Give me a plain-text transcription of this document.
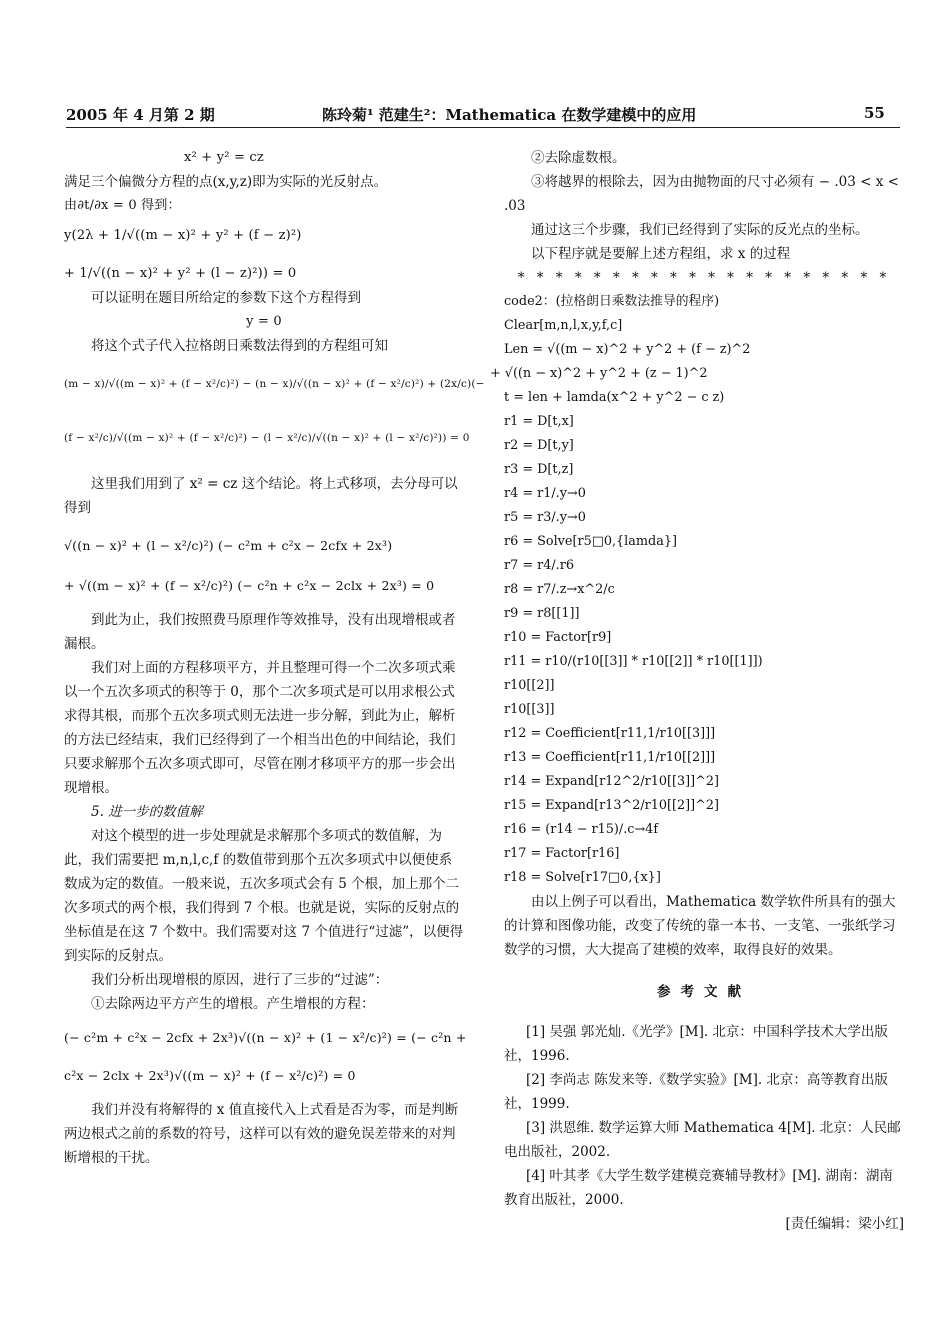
2005 年 4 月第 2 期	陈玲菊¹ 范建生²：Mathematica 在数学建模中的应用	55

x² + y² = cz

满足三个偏微分方程的点(x,y,z)即为实际的光反射点。

由∂t/∂x = 0 得到：

y(2λ + 1/√((m − x)² + y² + (f − z)²)

+ 1/√((n − x)² + y² + (l − z)²)) = 0

可以证明在题目所给定的参数下这个方程得到

y = 0

将这个式子代入拉格朗日乘数法得到的方程组可知

(m − x)/√((m − x)² + (f − x²/c)²) − (n − x)/√((n − x)² + (f − x²/c)²) + (2x/c)(−

(f − x²/c)/√((m − x)² + (f − x²/c)²) − (l − x²/c)/√((n − x)² + (l − x²/c)²)) = 0

这里我们用到了 x² = cz 这个结论。将上式移项，去分母可以得到

√((n − x)² + (l − x²/c)²) (− c²m + c²x − 2cfx + 2x³)

+ √((m − x)² + (f − x²/c)²) (− c²n + c²x − 2clx + 2x³) = 0

到此为止，我们按照费马原理作等效推导，没有出现增根或者漏根。

我们对上面的方程移项平方，并且整理可得一个二次多项式乘以一个五次多项式的积等于 0，那个二次多项式是可以用求根公式求得其根，而那个五次多项式则无法进一步分解，到此为止，解析的方法已经结束，我们已经得到了一个相当出色的中间结论，我们只要求解那个五次多项式即可，尽管在刚才移项平方的那一步会出现增根。

5. 进一步的数值解

对这个模型的进一步处理就是求解那个多项式的数值解，为此，我们需要把 m,n,l,c,f 的数值带到那个五次多项式中以便使系数成为定的数值。一般来说，五次多项式会有 5 个根，加上那个二次多项式的两个根，我们得到 7 个根。也就是说，实际的反射点的坐标值是在这 7 个数中。我们需要对这 7 个值进行“过滤”，以便得到实际的反射点。

我们分析出现增根的原因，进行了三步的“过滤”：

①去除两边平方产生的增根。产生增根的方程：

(− c²m + c²x − 2cfx + 2x³)√((n − x)² + (1 − x²/c)²) = (− c²n +

c²x − 2clx + 2x³)√((m − x)² + (f − x²/c)²) = 0

我们并没有将解得的 x 值直接代入上式看是否为零，而是判断两边根式之前的系数的符号，这样可以有效的避免误差带来的对判断增根的干扰。

②去除虚数根。

③将越界的根除去，因为由抛物面的尺寸必须有 − .03 < x < .03

通过这三个步骤，我们已经得到了实际的反光点的坐标。

以下程序就是要解上述方程组，求 x 的过程

* * * * * * * * * * * * * * * * * * * *

code2：(拉格朗日乘数法推导的程序)

Clear[m,n,l,x,y,f,c]

Len = √((m − x)^2 + y^2 + (f − z)^2

+ √((n − x)^2 + y^2 + (z − 1)^2

t = len + lamda(x^2 + y^2 − c z)

r1 = D[t,x]

r2 = D[t,y]

r3 = D[t,z]

r4 = r1/.y→0

r5 = r3/.y→0

r6 = Solve[r5□0,{lamda}]

r7 = r4/.r6

r8 = r7/.z→x^2/c

r9 = r8[[1]]

r10 = Factor[r9]

r11 = r10/(r10[[3]] * r10[[2]] * r10[[1]])

r10[[2]]

r10[[3]]

r12 = Coefficient[r11,1/r10[[3]]]

r13 = Coefficient[r11,1/r10[[2]]]

r14 = Expand[r12^2/r10[[3]]^2]

r15 = Expand[r13^2/r10[[2]]^2]

r16 = (r14 − r15)/.c→4f

r17 = Factor[r16]

r18 = Solve[r17□0,{x}]

由以上例子可以看出，Mathematica 数学软件所具有的强大的计算和图像功能，改变了传统的靠一本书、一支笔、一张纸学习数学的习惯，大大提高了建模的效率，取得良好的效果。

参考文献

[1] 吴强 郭光灿.《光学》[M]. 北京：中国科学技术大学出版社，1996.

[2] 李尚志 陈发来等.《数学实验》[M]. 北京：高等教育出版社，1999.

[3] 洪恩维. 数学运算大师 Mathematica 4[M]. 北京：人民邮电出版社，2002.

[4] 叶其孝《大学生数学建模竞赛辅导教材》[M]. 湖南：湖南教育出版社，2000.

[责任编辑：梁小红]
